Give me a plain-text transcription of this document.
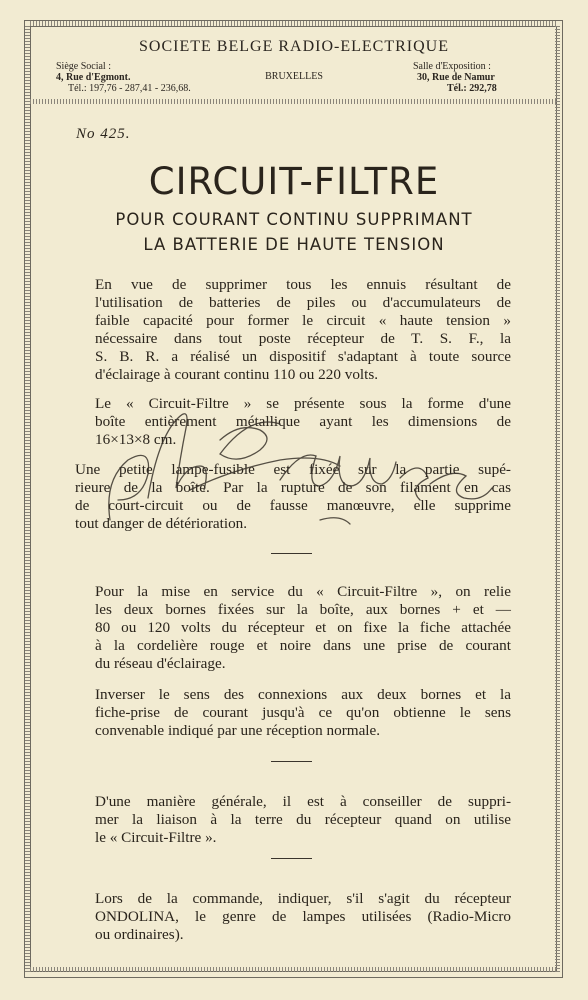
SOCIETE BELGE RADIO-ELECTRIQUE
Siège Social :
4, Rue d'Egmont.
Tél.: 197,76 - 287,41 - 236,68.
BRUXELLES
Salle d'Exposition :
30, Rue de Namur
Tél.: 292,78
No 425.
CIRCUIT-FILTRE
POUR COURANT CONTINU SUPPRIMANT
LA BATTERIE DE HAUTE TENSION
En vue de supprimer tous les ennuis résultant de
l'utilisation de batteries de piles ou d'accumulateurs de
faible capacité pour former le circuit « haute tension »
nécessaire dans tout poste récepteur de T. S. F., la
S. B. R. a réalisé un dispositif s'adaptant à toute source
d'éclairage à courant continu 110 ou 220 volts.
Le « Circuit-Filtre » se présente sous la forme d'une
boîte entièrement métallique ayant les dimensions de
16×13×8 cm.
Une petite lampe-fusible est fixée sur la partie supé-
rieure de la boîte. Par la rupture de son filament en cas
de court-circuit ou de fausse manœuvre, elle supprime
tout danger de détérioration.
Pour la mise en service du « Circuit-Filtre », on relie
les deux bornes fixées sur la boîte, aux bornes + et —
80 ou 120 volts du récepteur et on fixe la fiche attachée
à la cordelière rouge et noire dans une prise de courant
du réseau d'éclairage.
Inverser le sens des connexions aux deux bornes et la
fiche-prise de courant jusqu'à ce qu'on obtienne le sens
convenable indiqué par une réception normale.
D'une manière générale, il est à conseiller de suppri-
mer la liaison à la terre du récepteur quand on utilise
le « Circuit-Filtre ».
Lors de la commande, indiquer, s'il s'agit du récepteur
ONDOLINA, le genre de lampes utilisées (Radio-Micro
ou ordinaires).
